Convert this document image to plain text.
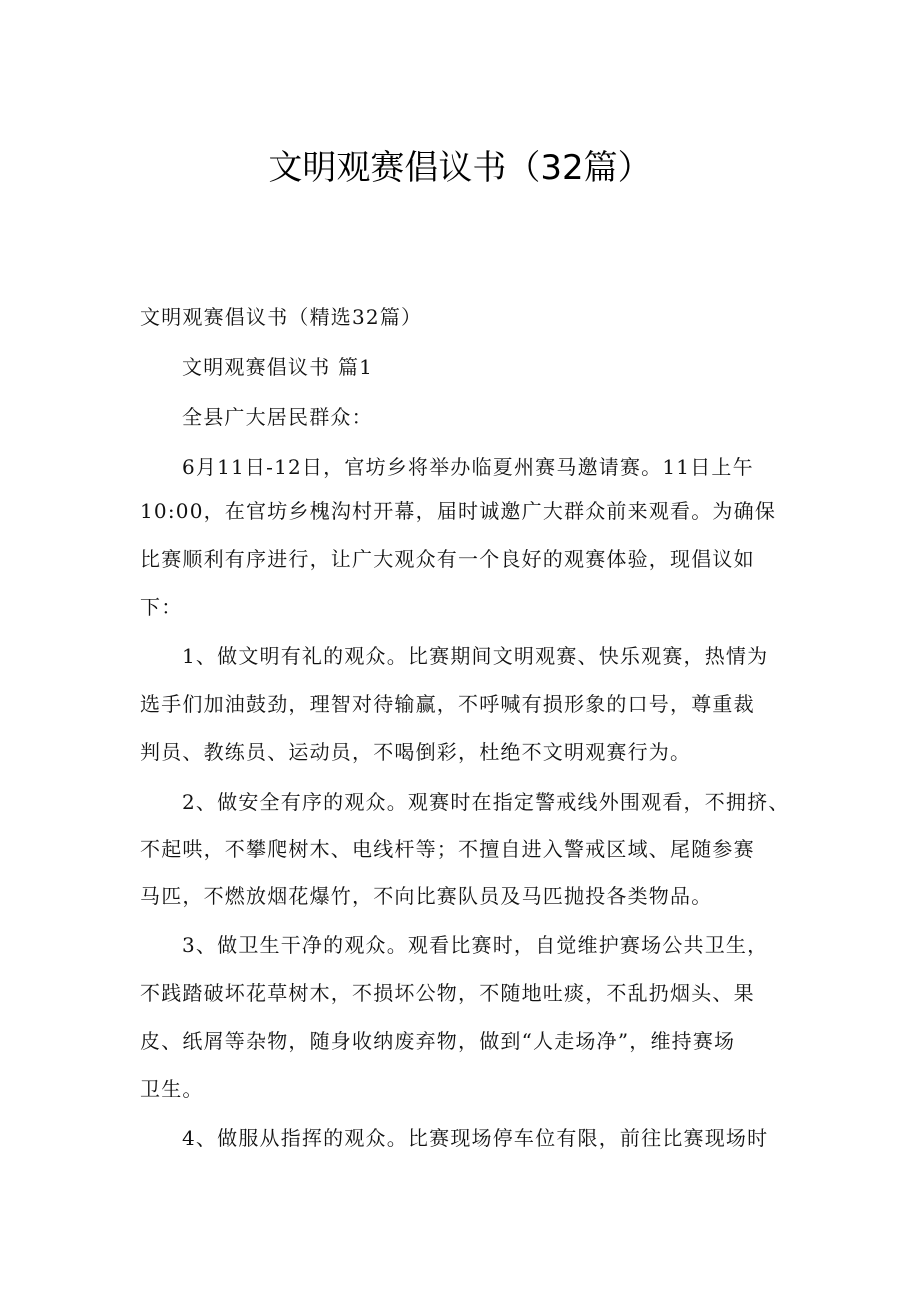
文明观赛倡议书（32篇）
文明观赛倡议书（精选32篇）
文明观赛倡议书 篇1
全县广大居民群众：
6月11日-12日，官坊乡将举办临夏州赛马邀请赛。11日上午
10:00，在官坊乡槐沟村开幕，届时诚邀广大群众前来观看。为确保
比赛顺利有序进行，让广大观众有一个良好的观赛体验，现倡议如
下：
1、做文明有礼的观众。比赛期间文明观赛、快乐观赛，热情为
选手们加油鼓劲，理智对待输赢，不呼喊有损形象的口号，尊重裁
判员、教练员、运动员，不喝倒彩，杜绝不文明观赛行为。
2、做安全有序的观众。观赛时在指定警戒线外围观看，不拥挤、
不起哄，不攀爬树木、电线杆等；不擅自进入警戒区域、尾随参赛
马匹，不燃放烟花爆竹，不向比赛队员及马匹抛投各类物品。
3、做卫生干净的观众。观看比赛时，自觉维护赛场公共卫生，
不践踏破坏花草树木，不损坏公物，不随地吐痰，不乱扔烟头、果
皮、纸屑等杂物，随身收纳废弃物，做到“人走场净”，维持赛场
卫生。
4、做服从指挥的观众。比赛现场停车位有限，前往比赛现场时
